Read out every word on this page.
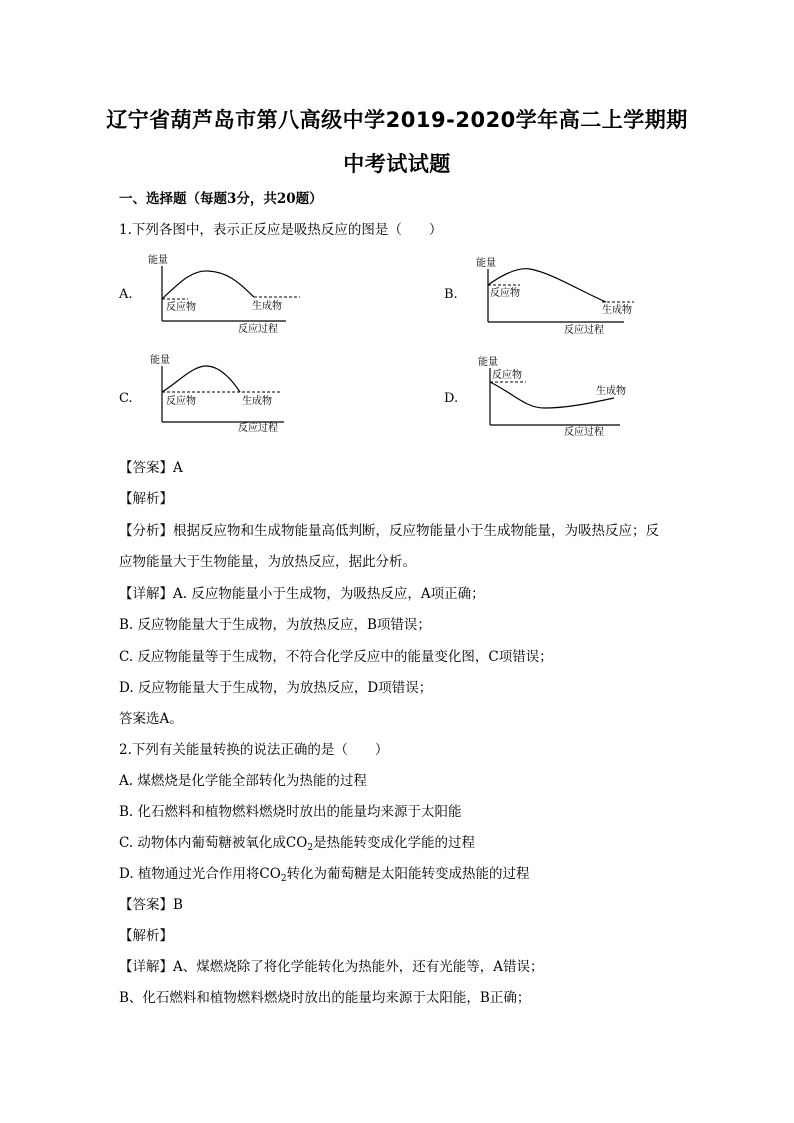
辽宁省葫芦岛市第八高级中学2019-2020学年高二上学期期
中考试试题
一、选择题（每题3分，共20题）
1.下列各图中，表示正反应是吸热反应的图是（　　）
A.
能量
反应物	生成物
反应过程
B.
能量
反应物
生成物
反应过程
C.
能量
反应物	生成物
反应过程
D.
能量
反应物
生成物
反应过程
【答案】A
【解析】
【分析】根据反应物和生成物能量高低判断，反应物能量小于生成物能量，为吸热反应；反
应物能量大于生物能量，为放热反应，据此分析。
【详解】A. 反应物能量小于生成物，为吸热反应，A项正确；
B. 反应物能量大于生成物，为放热反应，B项错误；
C. 反应物能量等于生成物，不符合化学反应中的能量变化图，C项错误；
D. 反应物能量大于生成物，为放热反应，D项错误；
答案选A。
2.下列有关能量转换的说法正确的是（　　）
A. 煤燃烧是化学能全部转化为热能的过程
B. 化石燃料和植物燃料燃烧时放出的能量均来源于太阳能
C. 动物体内葡萄糖被氧化成$CO_2$是热能转变成化学能的过程
D. 植物通过光合作用将$CO_2$转化为葡萄糖是太阳能转变成热能的过程
【答案】B
【解析】
【详解】A、煤燃烧除了将化学能转化为热能外，还有光能等，A错误；
B、化石燃料和植物燃料燃烧时放出的能量均来源于太阳能，B正确；
